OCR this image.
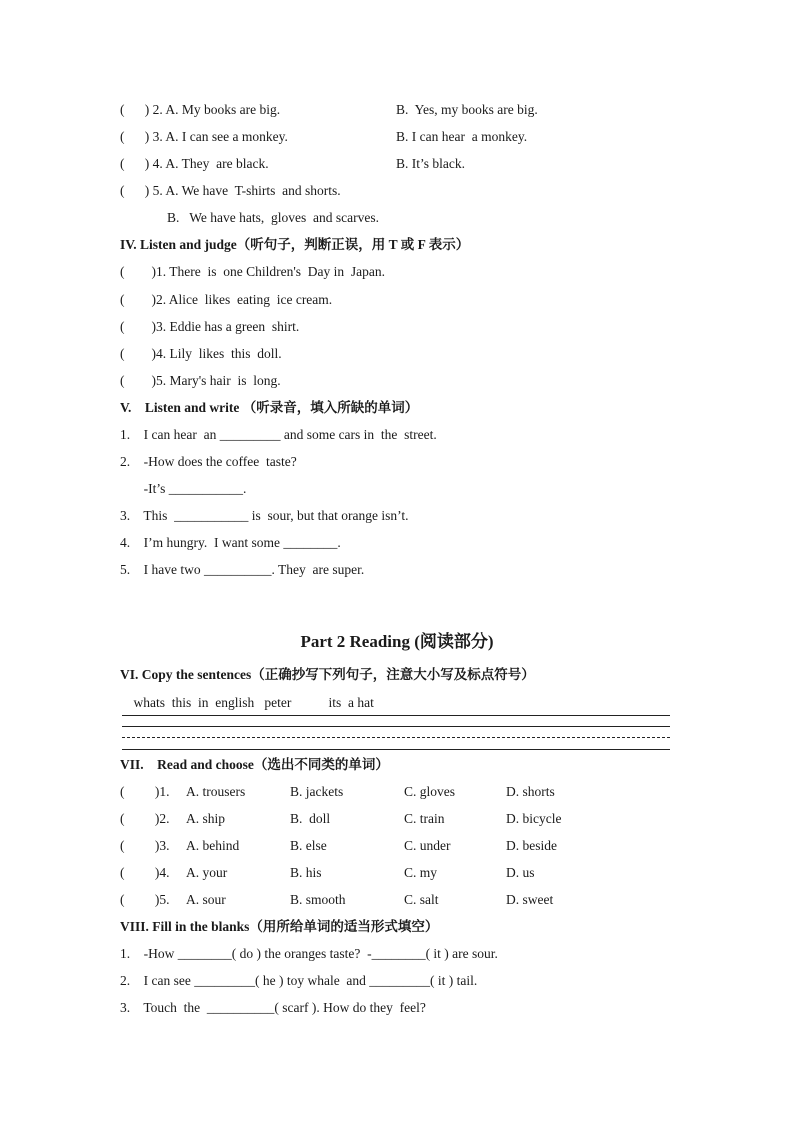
(      ) 2. A. My books are big.	B.  Yes, my books are big.
(      ) 3. A. I can see a monkey.	B. I can hear  a monkey.
(      ) 4. A. They  are black.	B. It’s black.
(      ) 5. A. We have  T-shirts  and shorts.
B.   We have hats,  gloves  and scarves.
IV. Listen and judge（听句子，判断正误，用 T 或 F 表示）
(        )1. There  is  one Children's  Day in  Japan.
(        )2. Alice  likes  eating  ice cream.
(        )3. Eddie has a green  shirt.
(        )4. Lily  likes  this  doll.
(        )5. Mary's hair  is  long.
V.    Listen and write （听录音，填入所缺的单词）
1.    I can hear  an _________ and some cars in  the  street.
2.    -How does the coffee  taste?
-It’s ___________.
3.    This  ___________ is  sour, but that orange isn’t.
4.    I’m hungry.  I want some ________.
5.    I have two __________. They  are super.
Part 2 Reading (阅读部分)
VI. Copy the sentences（正确抄写下列句子，注意大小写及标点符号）
whats  this  in  english   peter           its  a hat
VII.    Read and choose（选出不同类的单词）
(         )1. A. trousers	B. jackets	C. gloves	D. shorts
(         )2. A. ship	B.  doll	C. train	D. bicycle
(         )3. A. behind	B. else	C. under	D. beside
(         )4. A. your	B. his	C. my	D. us
(         )5. A. sour	B. smooth	C. salt	D. sweet
VIII. Fill in the blanks（用所给单词的适当形式填空）
1.    -How ________( do ) the oranges taste?  -________( it ) are sour.
2.    I can see _________( he ) toy whale  and _________( it ) tail.
3.    Touch  the  __________( scarf ). How do they  feel?
